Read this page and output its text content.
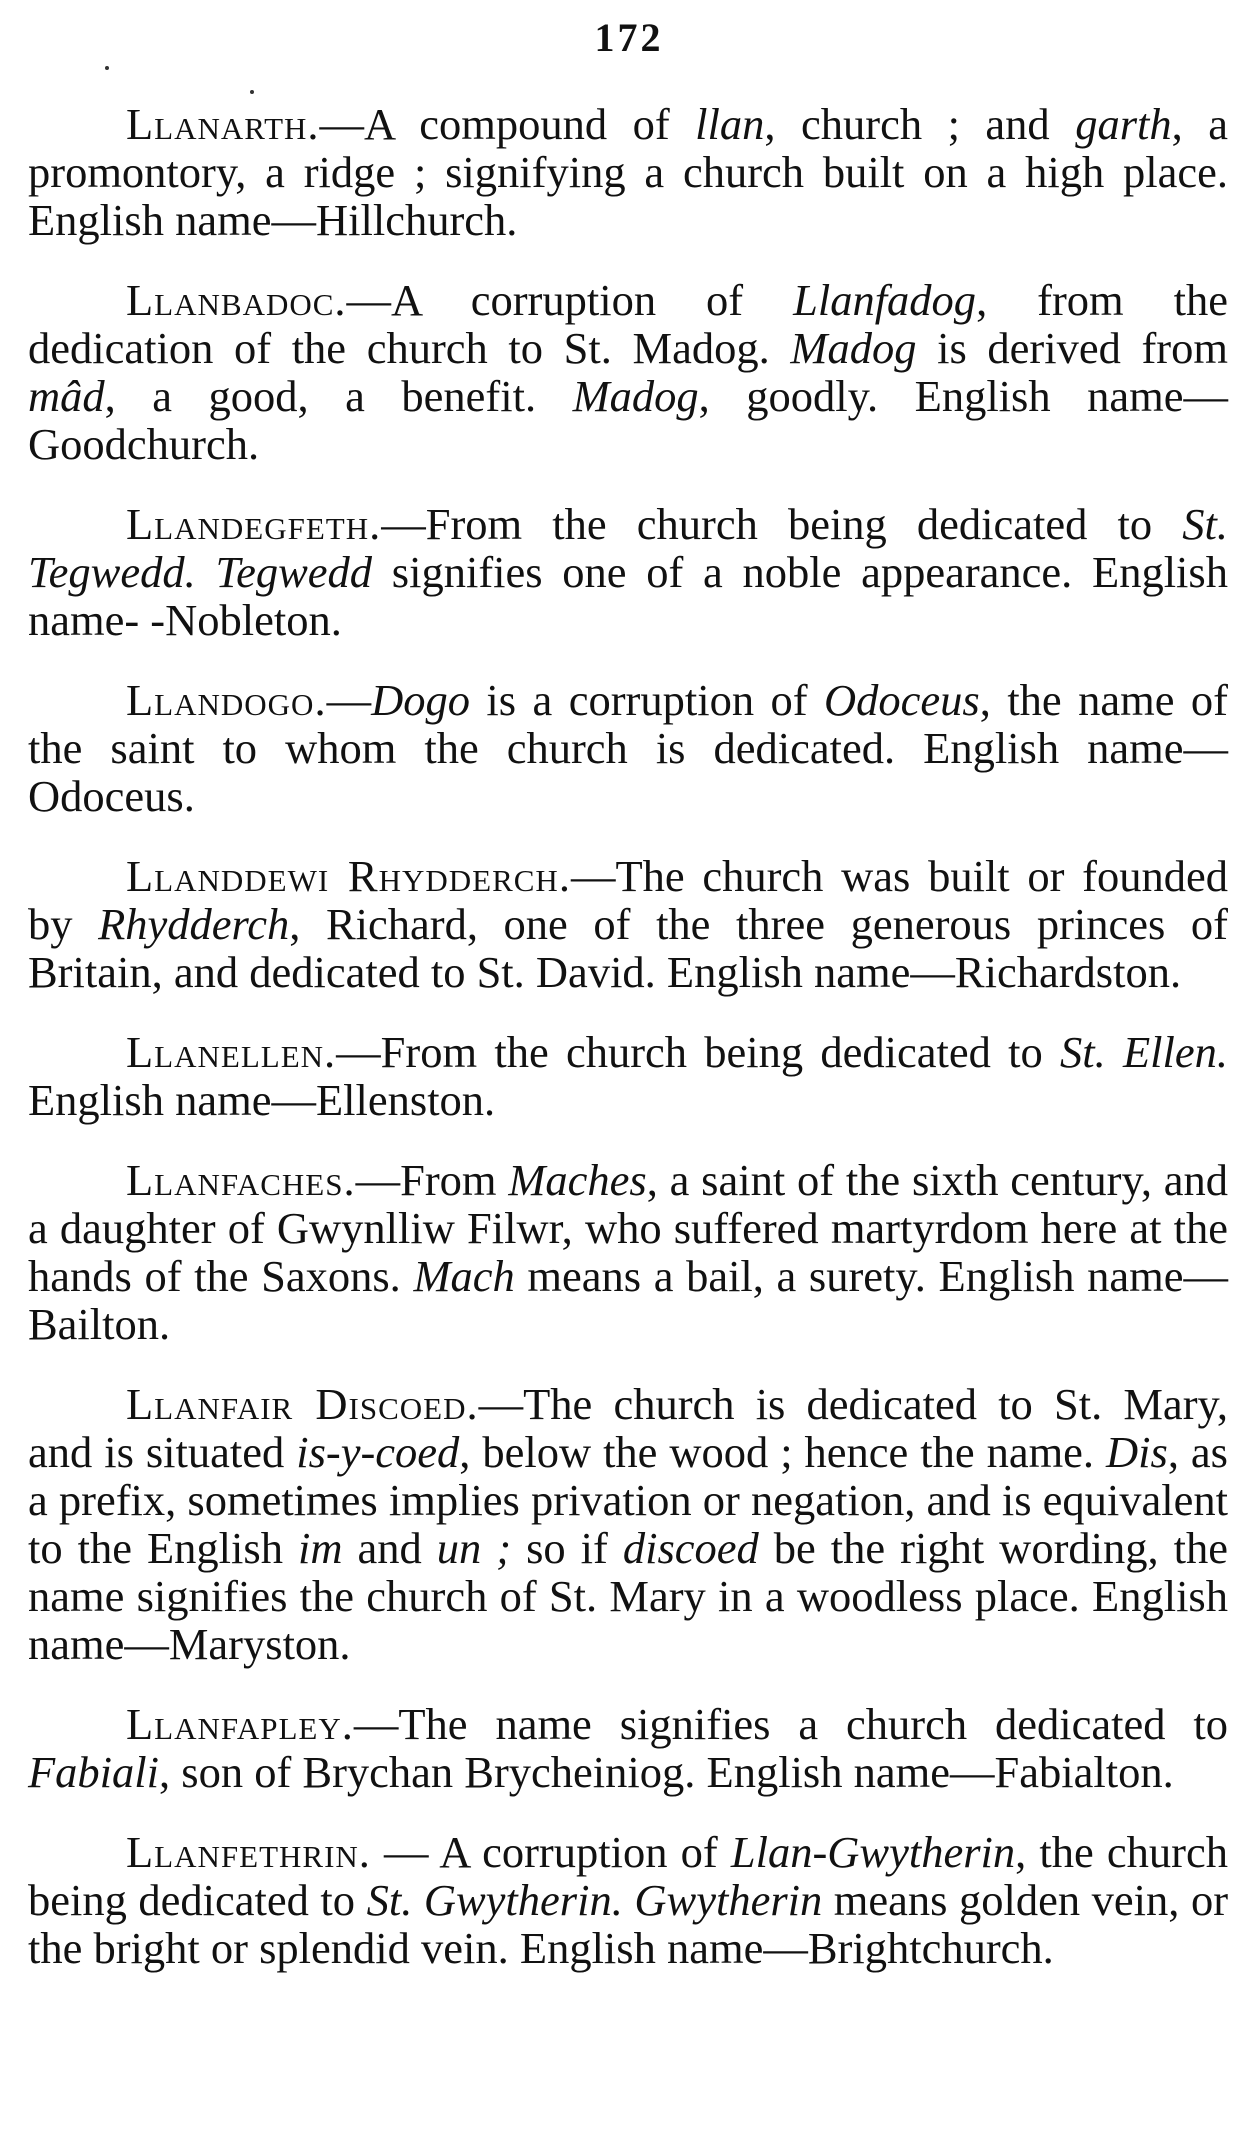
172

Llanarth.—A compound of llan, church ; and garth, a promontory, a ridge ; signifying a church built on a high place. English name—Hillchurch.

Llanbadoc.—A corruption of Llanfadog, from the dedication of the church to St. Madog. Madog is derived from mâd, a good, a benefit. Madog, goodly. English name—Goodchurch.

Llandegfeth.—From the church being dedicated to St. Tegwedd. Tegwedd signifies one of a noble appearance. English name- -Nobleton.

Llandogo.—Dogo is a corruption of Odoceus, the name of the saint to whom the church is dedicated. English name—Odoceus.

Llanddewi Rhydderch.—The church was built or founded by Rhydderch, Richard, one of the three generous princes of Britain, and dedicated to St. David. English name—Richardston.

Llanellen.—From the church being dedicated to St. Ellen. English name—Ellenston.

Llanfaches.—From Maches, a saint of the sixth century, and a daughter of Gwynlliw Filwr, who suffered martyrdom here at the hands of the Saxons. Mach means a bail, a surety. English name—Bailton.

Llanfair Discoed.—The church is dedicated to St. Mary, and is situated is-y-coed, below the wood ; hence the name. Dis, as a prefix, sometimes implies privation or negation, and is equivalent to the English im and un ; so if discoed be the right wording, the name signifies the church of St. Mary in a woodless place. English name—Maryston.

Llanfapley.—The name signifies a church dedicated to Fabiali, son of Brychan Brycheiniog. English name—Fabialton.

Llanfethrin. — A corruption of Llan-Gwytherin, the church being dedicated to St. Gwytherin. Gwytherin means golden vein, or the bright or splendid vein. English name—Brightchurch.
